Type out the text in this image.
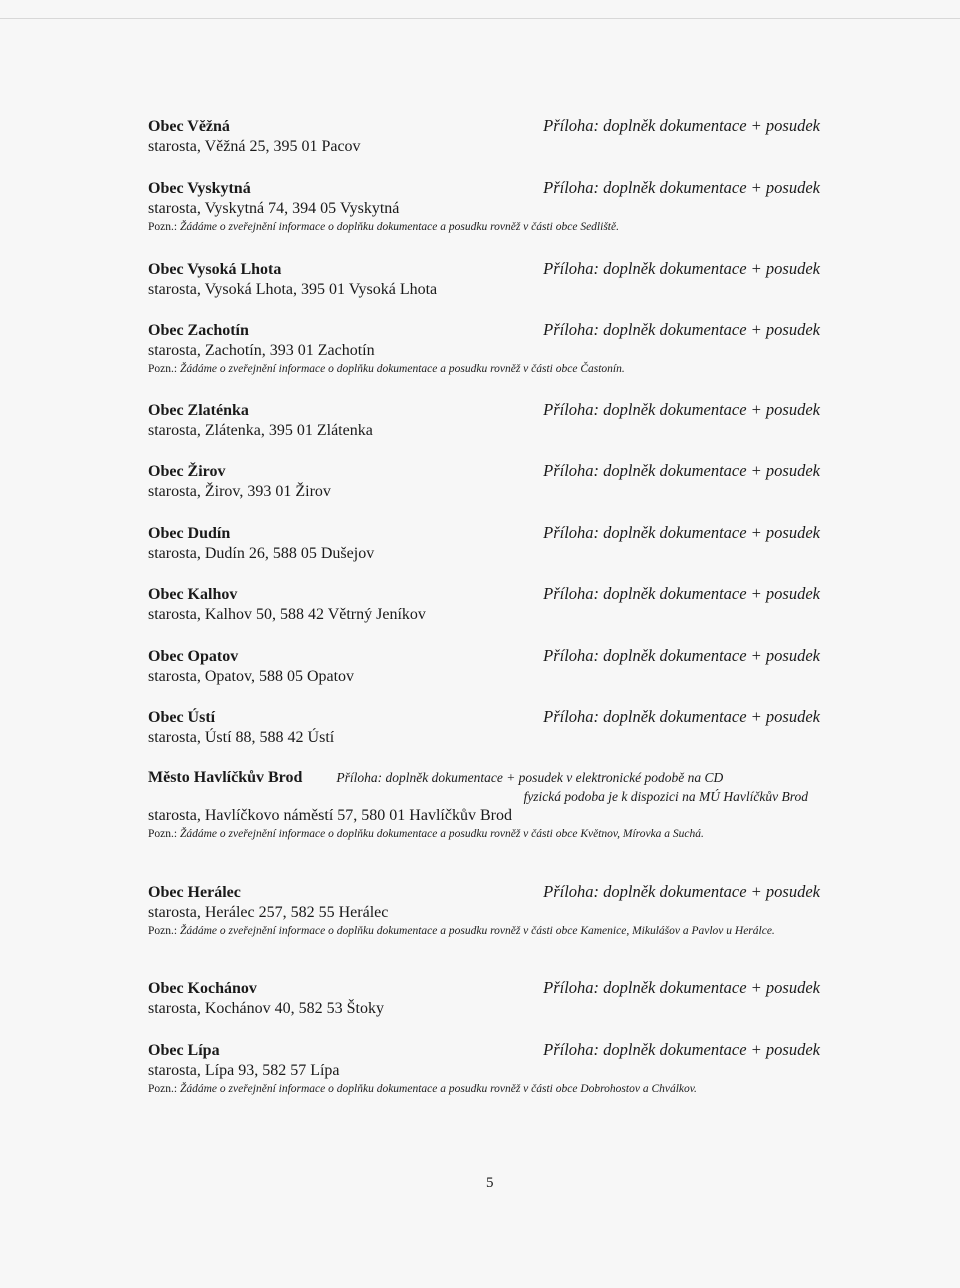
Obec Věžná	Příloha: doplněk dokumentace + posudek
starosta, Věžná 25, 395 01 Pacov
Obec Vyskytná	Příloha: doplněk dokumentace + posudek
starosta, Vyskytná 74, 394 05 Vyskytná
Pozn.: Žádáme o zveřejnění informace o doplňku dokumentace a posudku rovněž v části obce Sedliště.
Obec Vysoká Lhota	Příloha: doplněk dokumentace + posudek
starosta, Vysoká Lhota, 395 01 Vysoká Lhota
Obec Zachotín	Příloha: doplněk dokumentace + posudek
starosta, Zachotín, 393 01 Zachotín
Pozn.: Žádáme o zveřejnění informace o doplňku dokumentace a posudku rovněž v části obce Častonín.
Obec Zlaténka	Příloha: doplněk dokumentace + posudek
starosta, Zlátenka, 395 01 Zlátenka
Obec Žirov	Příloha: doplněk dokumentace + posudek
starosta, Žirov, 393 01 Žirov
Obec Dudín	Příloha: doplněk dokumentace + posudek
starosta, Dudín 26, 588 05 Dušejov
Obec Kalhov	Příloha: doplněk dokumentace + posudek
starosta, Kalhov 50, 588 42 Větrný Jeníkov
Obec Opatov	Příloha: doplněk dokumentace + posudek
starosta, Opatov, 588 05 Opatov
Obec Ústí	Příloha: doplněk dokumentace + posudek
starosta, Ústí 88, 588 42 Ústí
Město Havlíčkův Brod	Příloha: doplněk dokumentace + posudek v elektronické podobě na CD
fyzická podoba je k dispozici na MÚ Havlíčkův Brod
starosta, Havlíčkovo náměstí 57, 580 01 Havlíčkův Brod
Pozn.: Žádáme o zveřejnění informace o doplňku dokumentace a posudku rovněž v části obce Květnov, Mírovka a Suchá.
Obec Herálec	Příloha: doplněk dokumentace + posudek
starosta, Herálec 257, 582 55 Herálec
Pozn.: Žádáme o zveřejnění informace o doplňku dokumentace a posudku rovněž v části obce Kamenice, Mikulášov a Pavlov u Herálce.
Obec Kochánov	Příloha: doplněk dokumentace + posudek
starosta, Kochánov 40, 582 53 Štoky
Obec Lípa	Příloha: doplněk dokumentace + posudek
starosta, Lípa 93, 582 57 Lípa
Pozn.: Žádáme o zveřejnění informace o doplňku dokumentace a posudku rovněž v části obce Dobrohostov a Chválkov.
5
